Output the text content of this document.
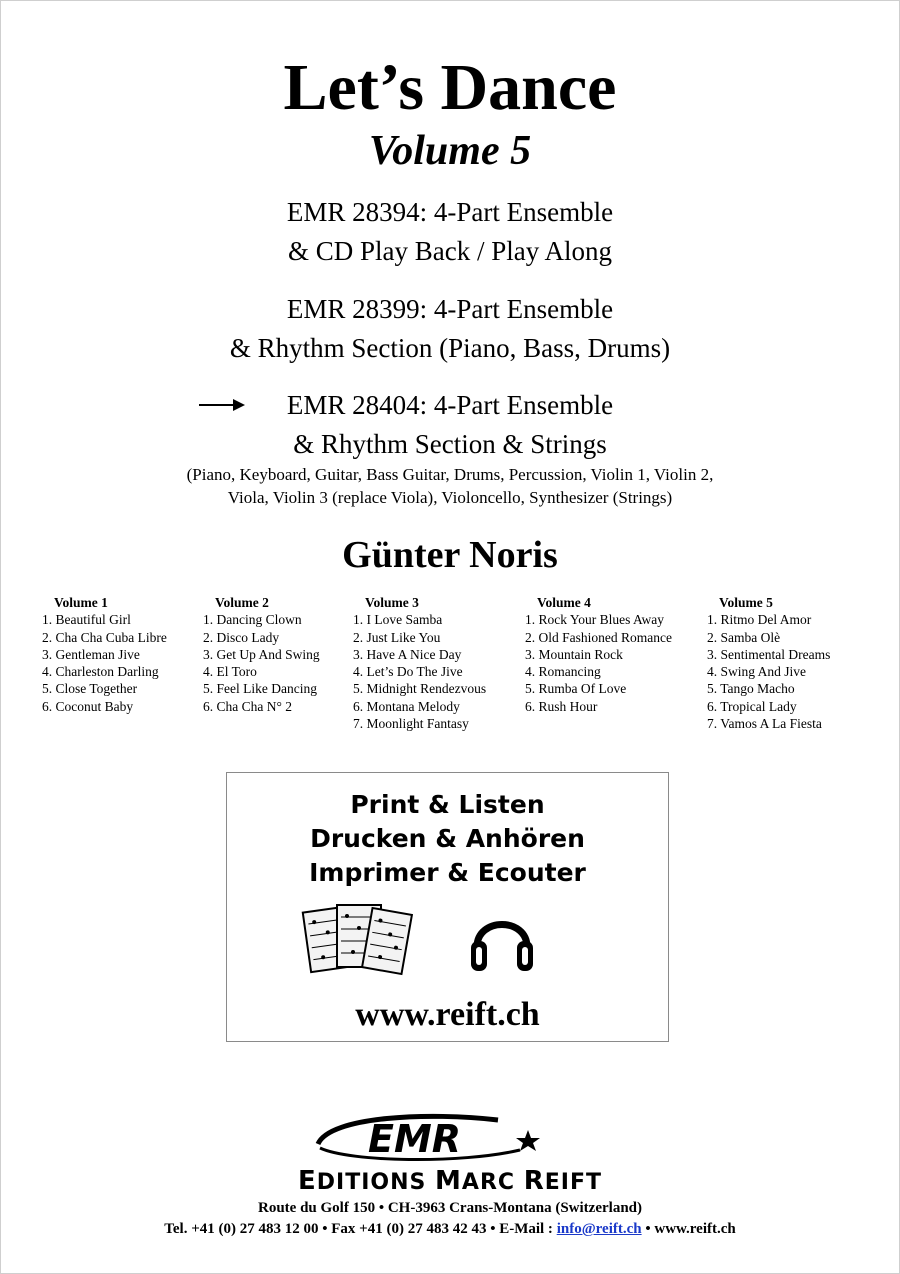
Let’s Dance
Volume 5
EMR 28394: 4-Part Ensemble
& CD Play Back / Play Along
EMR 28399: 4-Part Ensemble
& Rhythm Section (Piano, Bass, Drums)
EMR 28404: 4-Part Ensemble
& Rhythm Section & Strings
(Piano, Keyboard, Guitar, Bass Guitar, Drums, Percussion, Violin 1, Violin 2,
Viola, Violin 3 (replace Viola), Violoncello, Synthesizer (Strings)
Günter Noris
Volume 1
1. Beautiful Girl
2. Cha Cha Cuba Libre
3. Gentleman Jive
4. Charleston Darling
5. Close Together
6. Coconut Baby
Volume 2
1. Dancing Clown
2. Disco Lady
3. Get Up And Swing
4. El Toro
5. Feel Like Dancing
6. Cha Cha N° 2
Volume 3
1. I Love Samba
2. Just Like You
3. Have A Nice Day
4. Let’s Do The Jive
5. Midnight Rendezvous
6. Montana Melody
7. Moonlight Fantasy
Volume 4
1. Rock Your Blues Away
2. Old Fashioned Romance
3. Mountain Rock
4. Romancing
5. Rumba Of Love
6. Rush Hour
Volume 5
1. Ritmo Del Amor
2. Samba Olè
3. Sentimental Dreams
4. Swing And Jive
5. Tango Macho
6. Tropical Lady
7. Vamos A La Fiesta
Print & Listen
Drucken & Anhören
Imprimer & Ecouter
www.reift.ch
EMR
EDITIONS MARC REIFT
Route du Golf 150 • CH-3963 Crans-Montana (Switzerland)
Tel. +41 (0) 27 483 12 00 • Fax +41 (0) 27 483 42 43 • E-Mail : info@reift.ch • www.reift.ch
